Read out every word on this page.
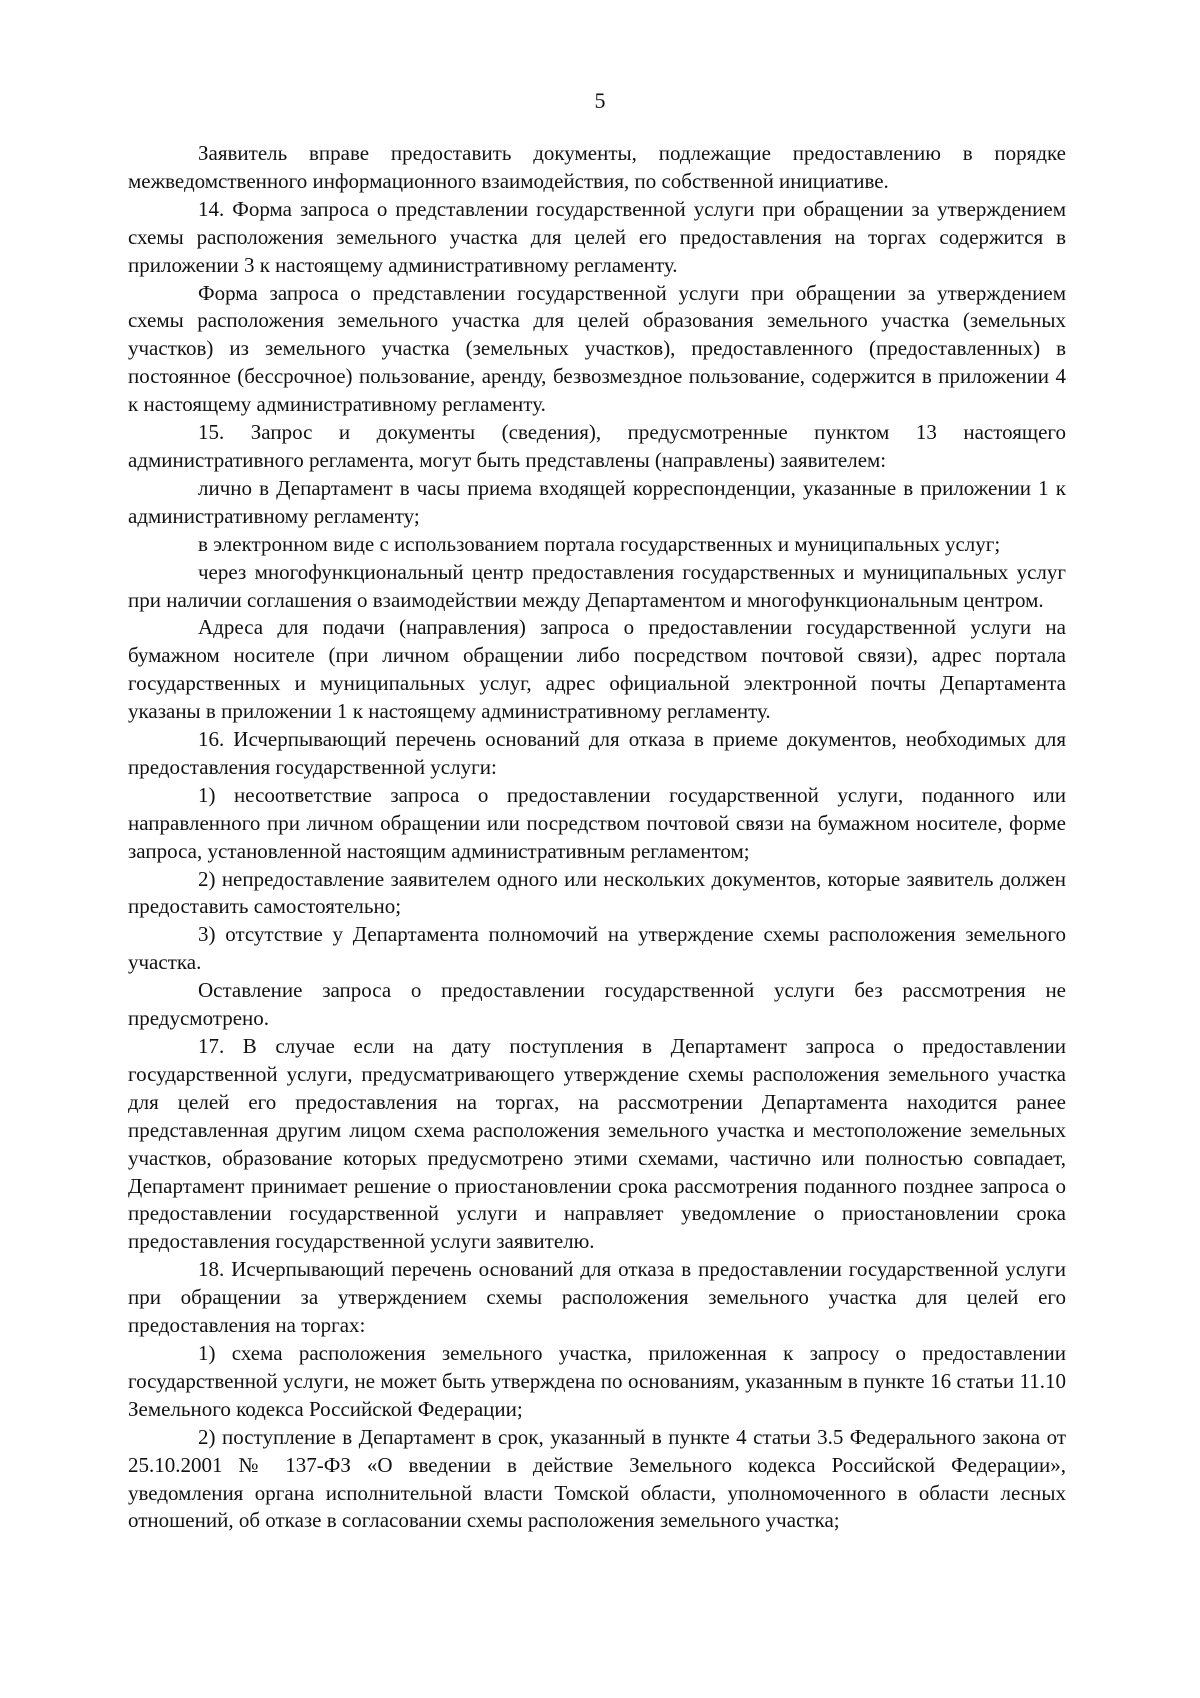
5

Заявитель вправе предоставить документы, подлежащие предоставлению в порядке межведомственного информационного взаимодействия, по собственной инициативе.

14. Форма запроса о представлении государственной услуги при обращении за утверждением схемы расположения земельного участка для целей его предоставления на торгах содержится в приложении 3 к настоящему административному регламенту.

Форма запроса о представлении государственной услуги при обращении за утверждением схемы расположения земельного участка для целей образования земельного участка (земельных участков) из земельного участка (земельных участков), предоставленного (предоставленных) в постоянное (бессрочное) пользование, аренду, безвозмездное пользование, содержится в приложении 4 к настоящему административному регламенту.

15. Запрос и документы (сведения), предусмотренные пунктом 13 настоящего административного регламента, могут быть представлены (направлены) заявителем:

лично в Департамент в часы приема входящей корреспонденции, указанные в приложении 1 к административному регламенту;

в электронном виде с использованием портала государственных и муниципальных услуг;

через многофункциональный центр предоставления государственных и муниципальных услуг при наличии соглашения о взаимодействии между Департаментом и многофункциональным центром.

Адреса для подачи (направления) запроса о предоставлении государственной услуги на бумажном носителе (при личном обращении либо посредством почтовой связи), адрес портала государственных и муниципальных услуг, адрес официальной электронной почты Департамента указаны в приложении 1 к настоящему административному регламенту.

16. Исчерпывающий перечень оснований для отказа в приеме документов, необходимых для предоставления государственной услуги:

1) несоответствие запроса о предоставлении государственной услуги, поданного или направленного при личном обращении или посредством почтовой связи на бумажном носителе, форме запроса, установленной настоящим административным регламентом;

2) непредоставление заявителем одного или нескольких документов, которые заявитель должен предоставить самостоятельно;

3) отсутствие у Департамента полномочий на утверждение схемы расположения земельного участка.

Оставление запроса о предоставлении государственной услуги без рассмотрения не предусмотрено.

17. В случае если на дату поступления в Департамент запроса о предоставлении государственной услуги, предусматривающего утверждение схемы расположения земельного участка для целей его предоставления на торгах, на рассмотрении Департамента находится ранее представленная другим лицом схема расположения земельного участка и местоположение земельных участков, образование которых предусмотрено этими схемами, частично или полностью совпадает, Департамент принимает решение о приостановлении срока рассмотрения поданного позднее запроса о предоставлении государственной услуги и направляет уведомление о приостановлении срока предоставления государственной услуги заявителю.

18. Исчерпывающий перечень оснований для отказа в предоставлении государственной услуги при обращении за утверждением схемы расположения земельного участка для целей его предоставления на торгах:

1) схема расположения земельного участка, приложенная к запросу о предоставлении государственной услуги, не может быть утверждена по основаниям, указанным в пункте 16 статьи 11.10 Земельного кодекса Российской Федерации;

2) поступление в Департамент в срок, указанный в пункте 4 статьи 3.5 Федерального закона от 25.10.2001 № 137-ФЗ «О введении в действие Земельного кодекса Российской Федерации», уведомления органа исполнительной власти Томской области, уполномоченного в области лесных отношений, об отказе в согласовании схемы расположения земельного участка;
